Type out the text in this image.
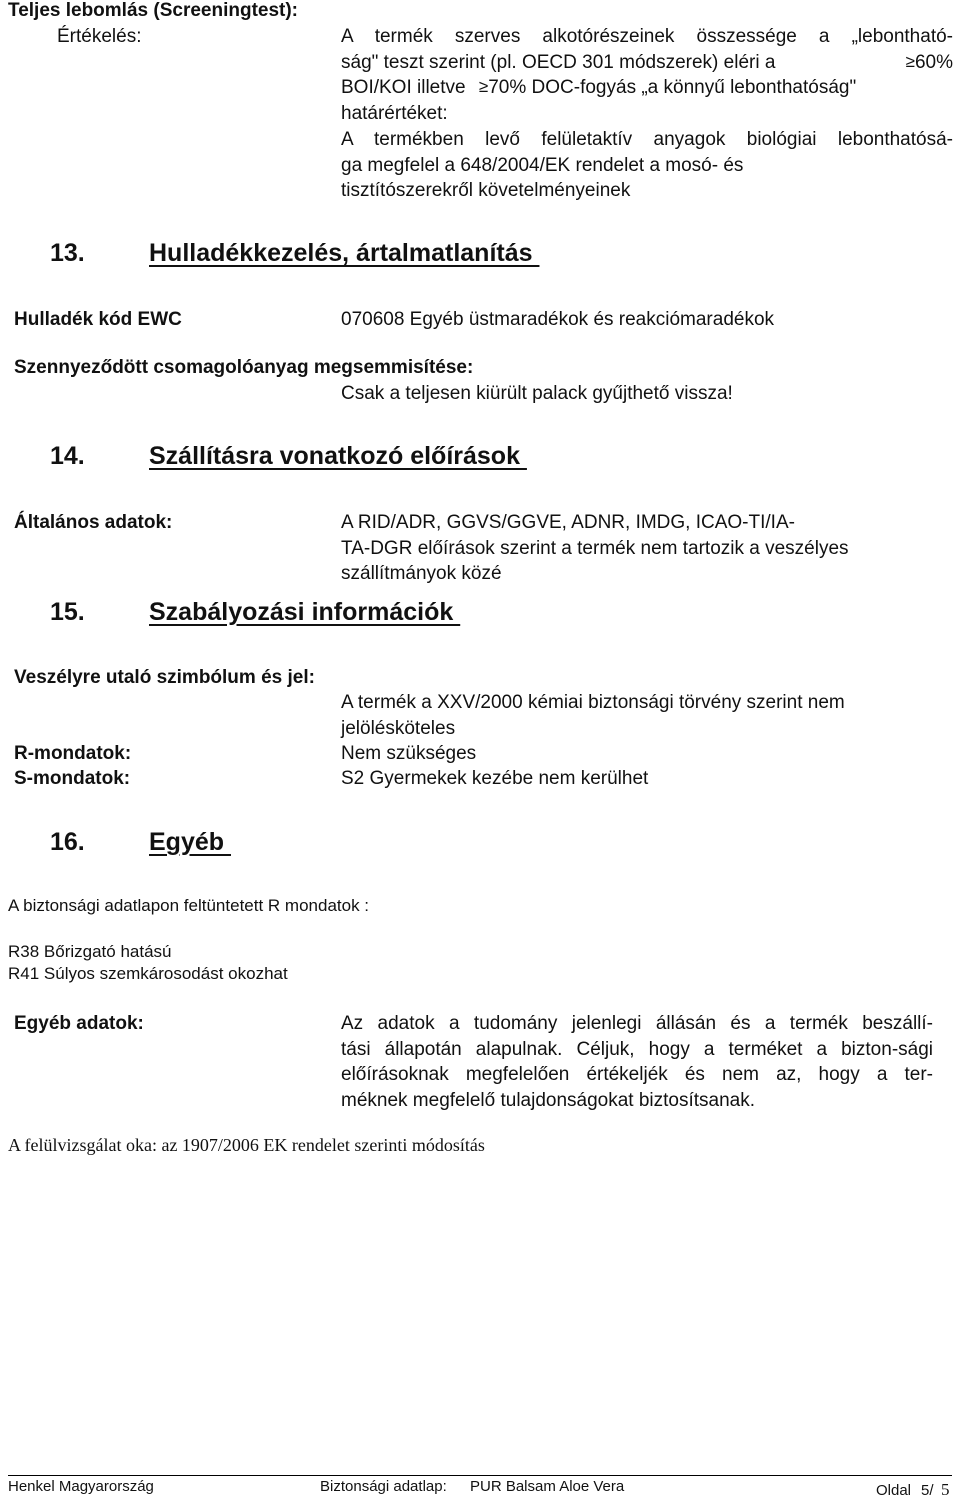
Teljes lebomlás (Screeningtest):
Értékelés:	A termék szerves alkotórészeinek összessége a „lebontható-
ság" teszt szerint (pl. OECD 301 módszerek) eléri a	≥60%
BOI/KOI illetve ≥70% DOC-fogyás „a könnyű lebonthatóság"
határértéket:
A termékben levő felületaktív anyagok biológiai lebonthatósá-
ga megfelel a 648/2004/EK rendelet a mosó- és
tisztítószerekről követelményeinek
13.	Hulladékkezelés, ártalmatlanítás
Hulladék kód EWC	070608 Egyéb üstmaradékok és reakciómaradékok
Szennyeződött csomagolóanyag megsemmisítése:
Csak a teljesen kiürült palack gyűjthető vissza!
14.	Szállításra vonatkozó előírások
Általános adatok:	A RID/ADR, GGVS/GGVE, ADNR, IMDG, ICAO-TI/IA-
TA-DGR előírások szerint a termék nem tartozik a veszélyes
szállítmányok közé
15.	Szabályozási információk
Veszélyre utaló szimbólum és jel:
A termék a XXV/2000 kémiai biztonsági törvény szerint nem
jelölésköteles
R-mondatok:	Nem szükséges
S-mondatok:	S2 Gyermekek kezébe nem kerülhet
16.	Egyéb
A biztonsági adatlapon feltüntetett R mondatok :
R38 Bőrizgató hatású
R41 Súlyos szemkárosodást okozhat
Egyéb adatok:	Az adatok a tudomány jelenlegi állásán és a termék beszállí-
tási állapotán alapulnak. Céljuk, hogy a terméket a bizton-sági
előírásoknak megfelelően értékeljék és nem az, hogy a ter-
méknek megfelelő tulajdonságokat biztosítsanak.
A felülvizsgálat oka: az 1907/2006 EK rendelet szerinti módosítás
Henkel Magyarország	Biztonsági adatlap: PUR Balsam Aloe Vera	Oldal 5/ 5
